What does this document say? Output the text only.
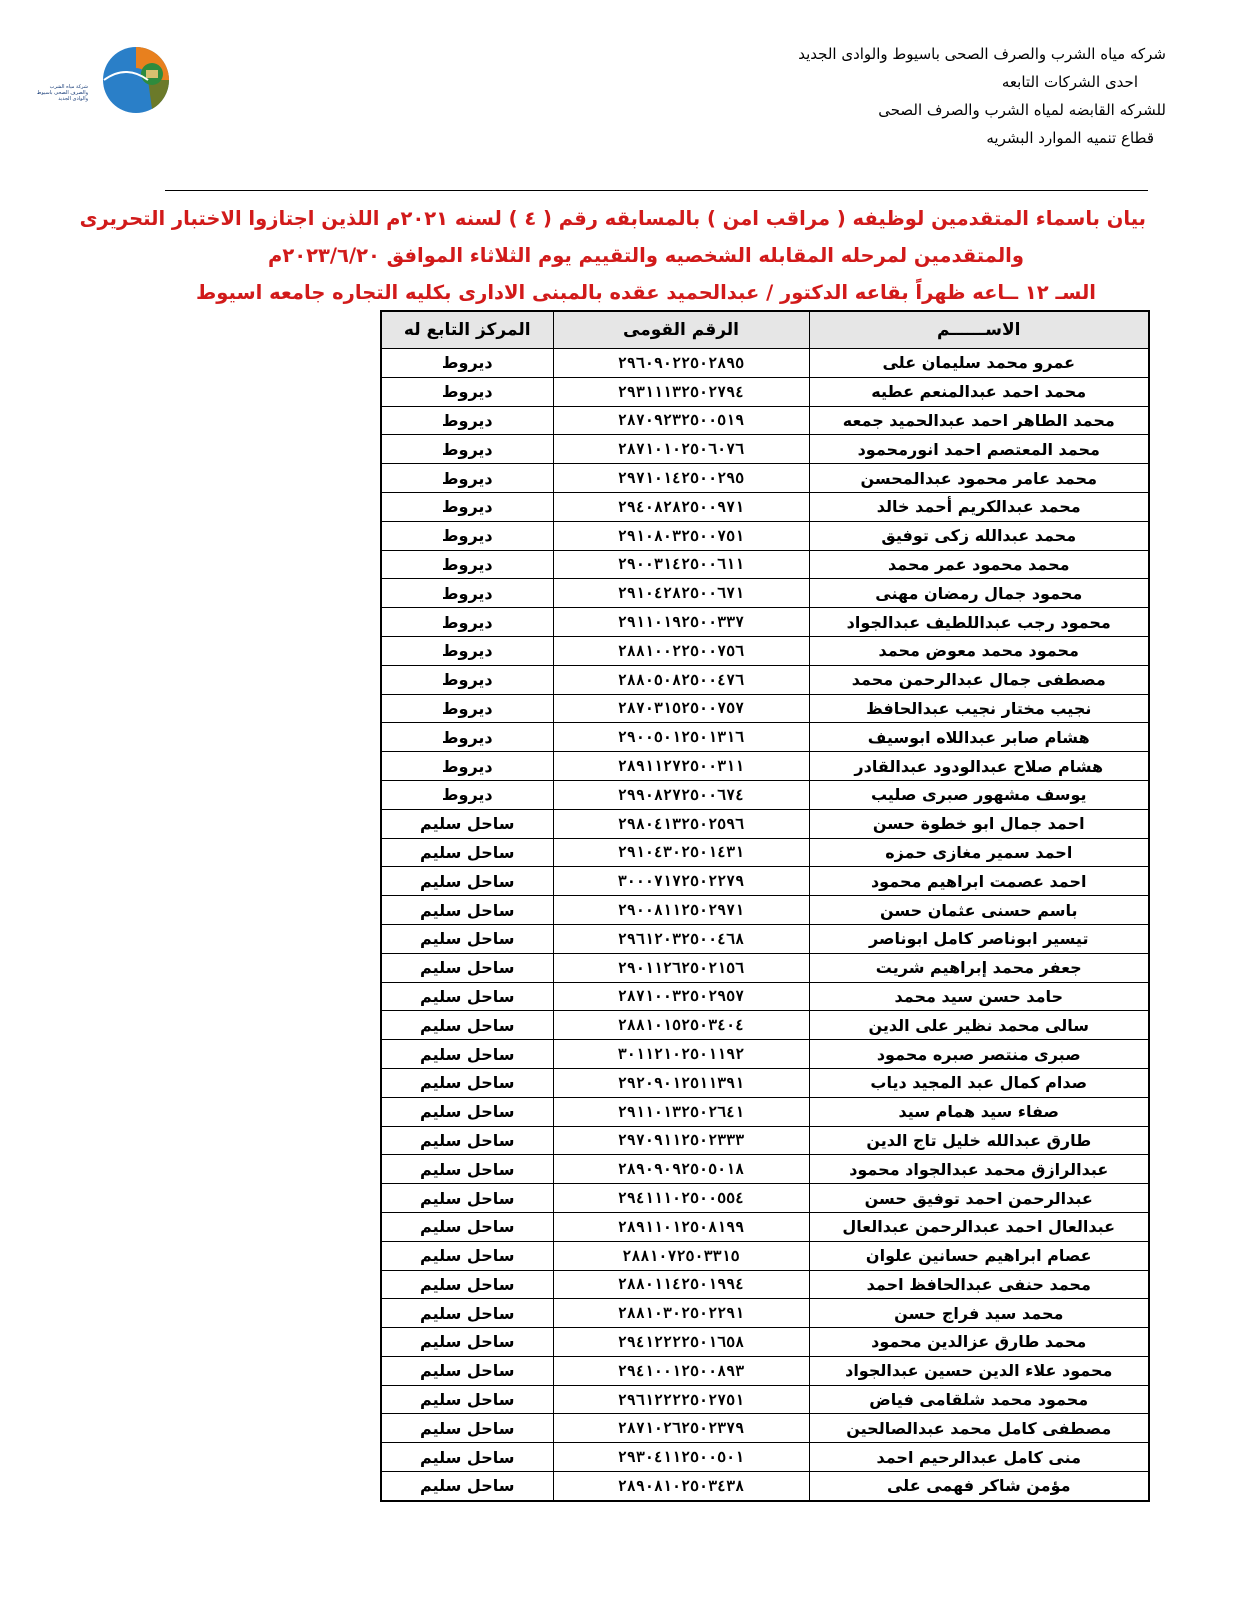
شركة مياه الشرب
والصرف الصحى باسيوط
والوادى الجديد
شركه مياه الشرب والصرف الصحى باسيوط والوادى الجديد
احدى الشركات التابعه
للشركه القابضه لمياه الشرب والصرف الصحى
قطاع تنميه الموارد البشريه
بيان باسماء المتقدمين لوظيفه ( مراقب امن ) بالمسابقه رقم ( ٤ ) لسنه ٢٠٢١م اللذين اجتازوا الاختبار التحريرى
والمتقدمين لمرحله المقابله الشخصيه والتقييم يوم الثلاثاء الموافق ٢٠٢٣/٦/٢٠م
السـ ١٢ ــاعه ظهراً بقاعه الدكتور / عبدالحميد عقده بالمبنى الادارى بكليه التجاره جامعه اسيوط
الاســــــم	الرقم القومى	المركز التابع له
عمرو محمد سليمان على	٢٩٦٠٩٠٢٢٥٠٢٨٩٥	ديروط
محمد احمد عبدالمنعم عطيه	٢٩٣١١١٣٢٥٠٢٧٩٤	ديروط
محمد الطاهر احمد عبدالحميد جمعه	٢٨٧٠٩٢٣٢٥٠٠٥١٩	ديروط
محمد المعتصم احمد انورمحمود	٢٨٧١٠١٠٢٥٠٦٠٧٦	ديروط
محمد عامر محمود عبدالمحسن	٢٩٧١٠١٤٢٥٠٠٢٩٥	ديروط
محمد عبدالكريم أحمد خالد	٢٩٤٠٨٢٨٢٥٠٠٩٧١	ديروط
محمد عبدالله زكى توفيق	٢٩١٠٨٠٣٢٥٠٠٧٥١	ديروط
محمد محمود عمر محمد	٢٩٠٠٣١٤٢٥٠٠٦١١	ديروط
محمود جمال رمضان مهنى	٢٩١٠٤٢٨٢٥٠٠٦٧١	ديروط
محمود رجب عبداللطيف عبدالجواد	٢٩١١٠١٩٢٥٠٠٣٣٧	ديروط
محمود محمد معوض محمد	٢٨٨١٠٠٢٢٥٠٠٧٥٦	ديروط
مصطفى جمال عبدالرحمن محمد	٢٨٨٠٥٠٨٢٥٠٠٤٧٦	ديروط
نجيب مختار نجيب عبدالحافظ	٢٨٧٠٣١٥٢٥٠٠٧٥٧	ديروط
هشام صابر عبداللاه ابوسيف	٢٩٠٠٥٠١٢٥٠١٣١٦	ديروط
هشام صلاح عبدالودود عبدالقادر	٢٨٩١١٢٧٢٥٠٠٣١١	ديروط
يوسف مشهور صبرى صليب	٢٩٩٠٨٢٧٢٥٠٠٦٧٤	ديروط
احمد جمال ابو خطوة حسن	٢٩٨٠٤١٣٢٥٠٢٥٩٦	ساحل سليم
احمد سمير مغازى حمزه	٢٩١٠٤٣٠٢٥٠١٤٣١	ساحل سليم
احمد عصمت ابراهيم محمود	٣٠٠٠٧١٧٢٥٠٢٢٧٩	ساحل سليم
باسم حسنى عثمان حسن	٢٩٠٠٨١١٢٥٠٢٩٧١	ساحل سليم
تيسير ابوناصر كامل ابوناصر	٢٩٦١٢٠٣٢٥٠٠٤٦٨	ساحل سليم
جعفر محمد إبراهيم شريت	٢٩٠١١٢٦٢٥٠٢١٥٦	ساحل سليم
حامد حسن سيد محمد	٢٨٧١٠٠٣٢٥٠٢٩٥٧	ساحل سليم
سالى محمد نظير على الدين	٢٨٨١٠١٥٢٥٠٣٤٠٤	ساحل سليم
صبرى منتصر صبره محمود	٣٠١١٢١٠٢٥٠١١٩٢	ساحل سليم
صدام كمال عبد المجيد دياب	٢٩٢٠٩٠١٢٥١١٣٩١	ساحل سليم
صفاء سيد همام سيد	٢٩١١٠١٣٢٥٠٢٦٤١	ساحل سليم
طارق عبدالله خليل تاج الدين	٢٩٧٠٩١١٢٥٠٢٣٣٣	ساحل سليم
عبدالرازق محمد عبدالجواد محمود	٢٨٩٠٩٠٩٢٥٠٥٠١٨	ساحل سليم
عبدالرحمن احمد توفيق حسن	٢٩٤١١١٠٢٥٠٠٥٥٤	ساحل سليم
عبدالعال احمد عبدالرحمن عبدالعال	٢٨٩١١٠١٢٥٠٨١٩٩	ساحل سليم
عصام ابراهيم حسانين علوان	٢٨٨١٠٧٢٥٠٣٣١٥	ساحل سليم
محمد حنفى عبدالحافظ احمد	٢٨٨٠١١٤٢٥٠١٩٩٤	ساحل سليم
محمد سيد فراج حسن	٢٨٨١٠٣٠٢٥٠٢٢٩١	ساحل سليم
محمد طارق عزالدين محمود	٢٩٤١٢٢٢٢٥٠١٦٥٨	ساحل سليم
محمود علاء الدين حسين عبدالجواد	٢٩٤١٠٠١٢٥٠٠٨٩٣	ساحل سليم
محمود محمد شلقامى فياض	٢٩٦١٢٢٢٢٥٠٢٧٥١	ساحل سليم
مصطفى كامل محمد عبدالصالحين	٢٨٧١٠٢٦٢٥٠٢٣٧٩	ساحل سليم
منى كامل عبدالرحيم احمد	٢٩٣٠٤١١٢٥٠٠٥٠١	ساحل سليم
مؤمن شاكر فهمى على	٢٨٩٠٨١٠٢٥٠٣٤٣٨	ساحل سليم
